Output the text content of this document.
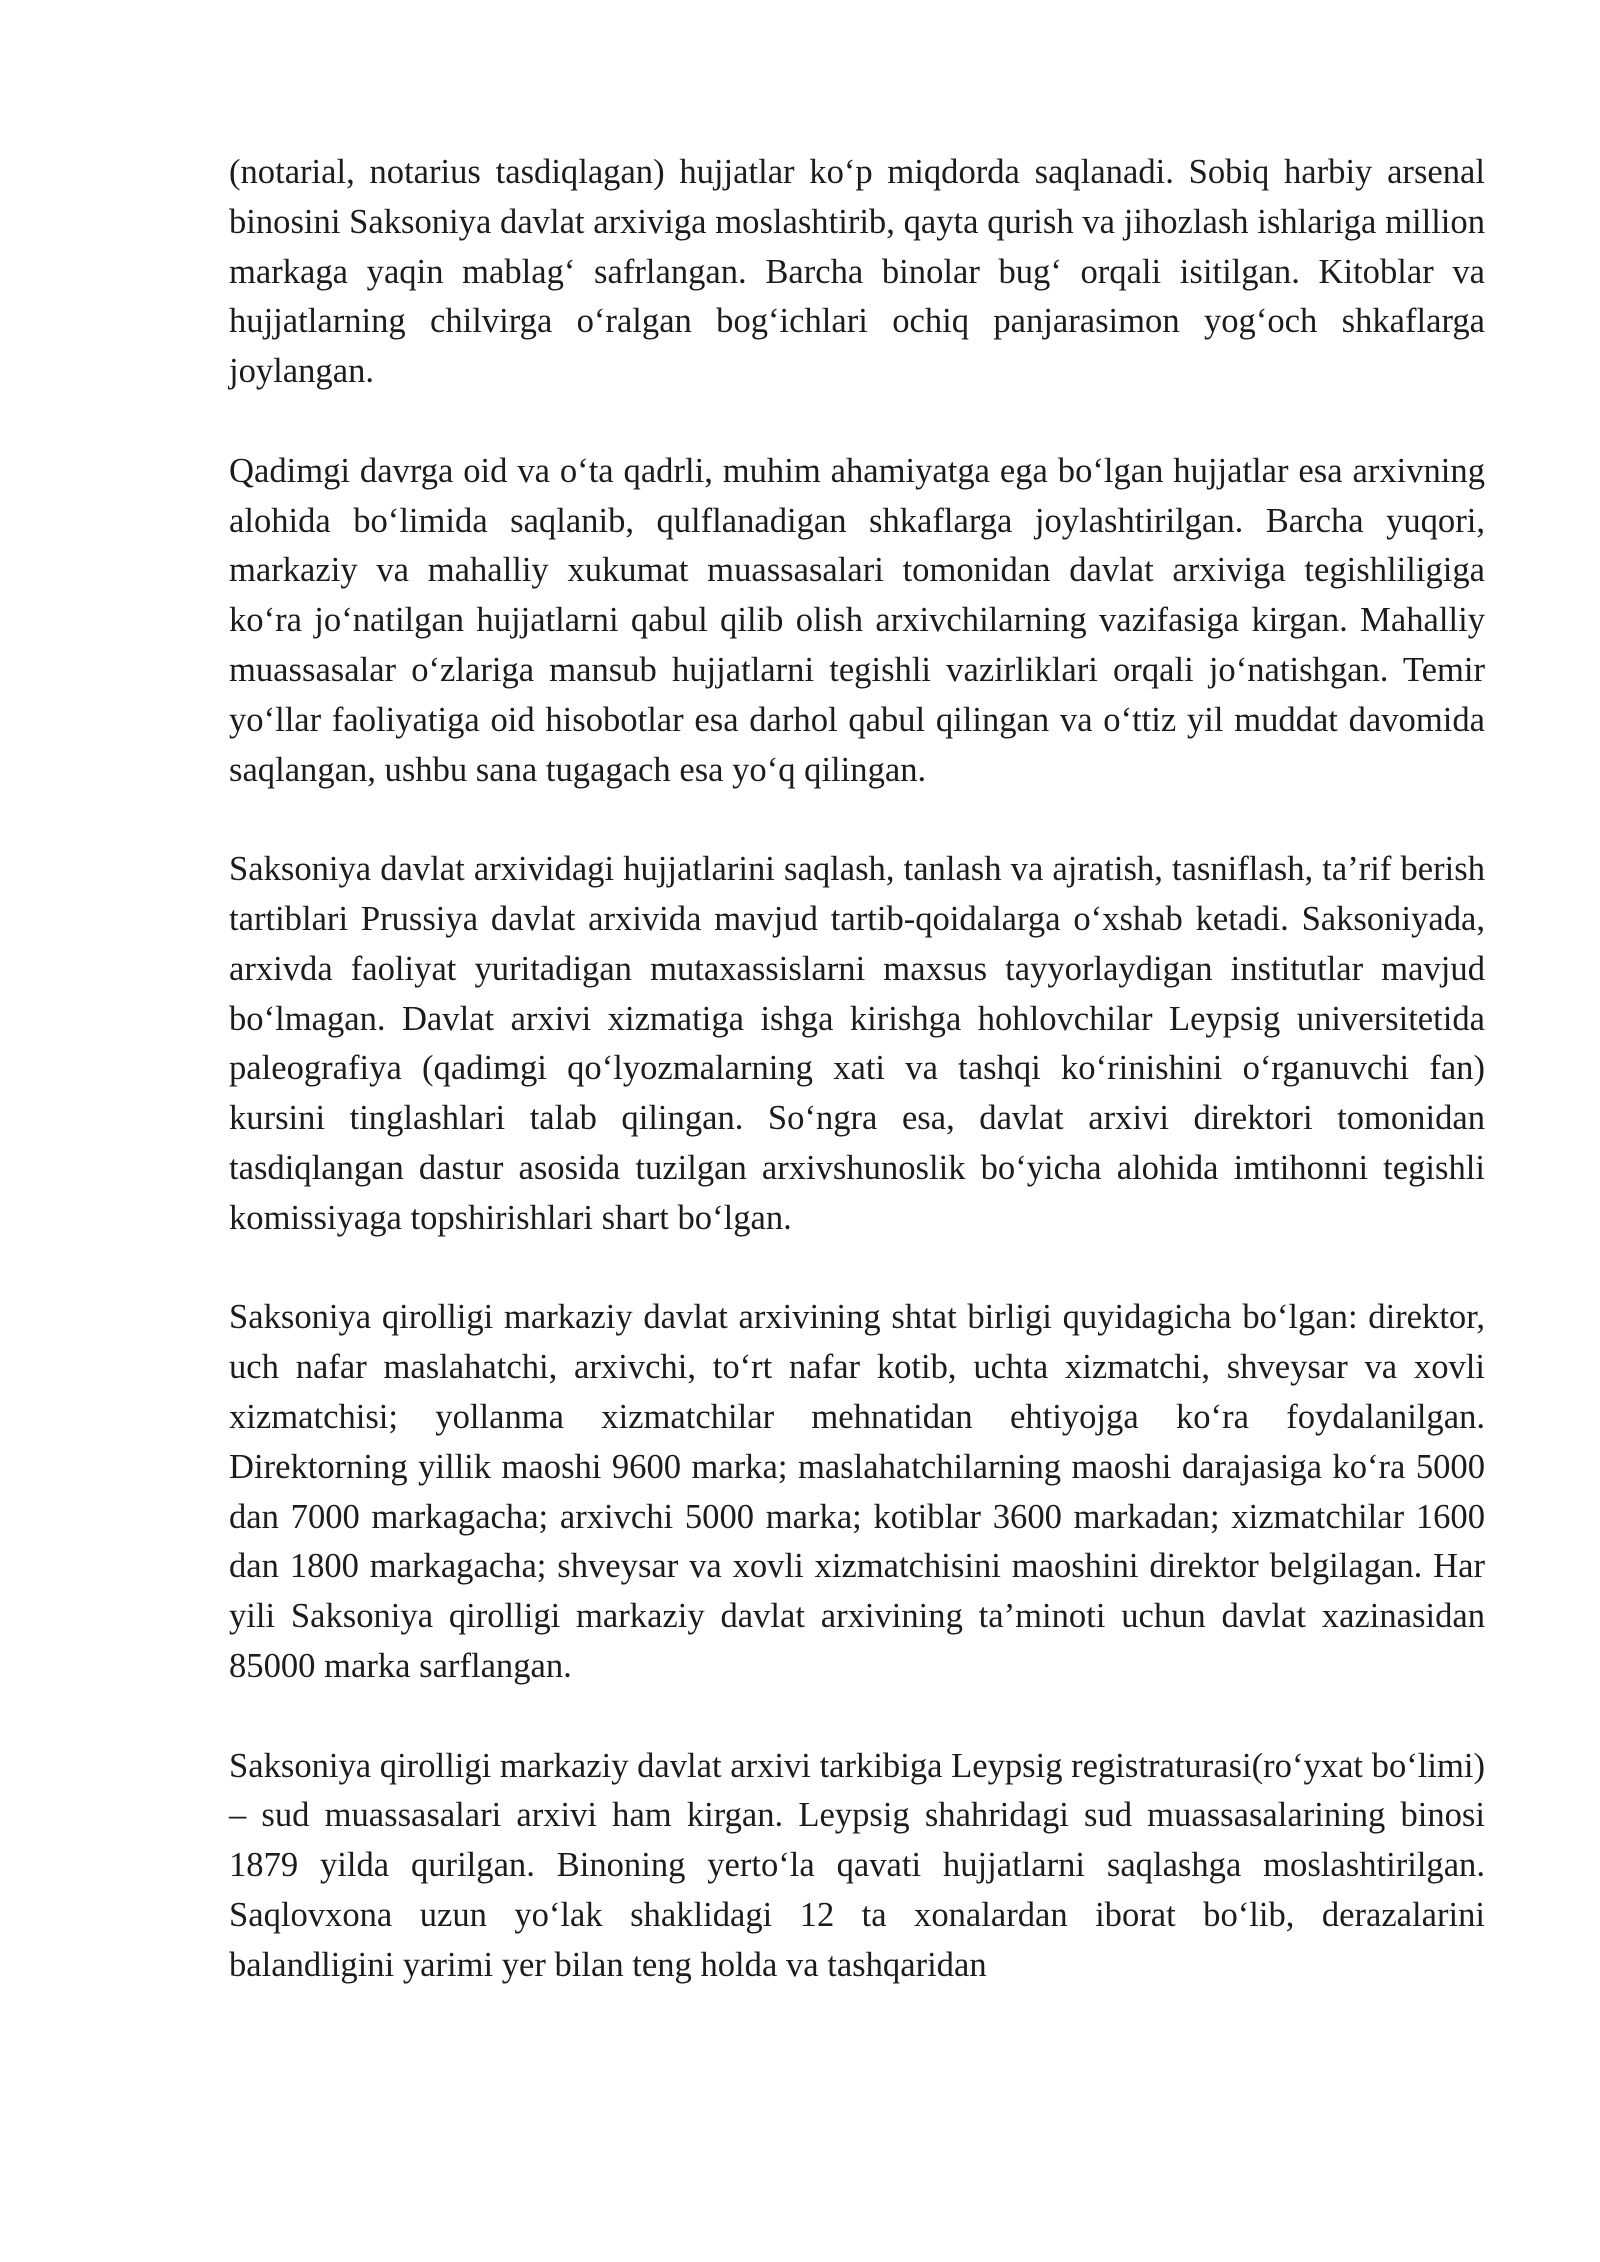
(notarial, notarius tasdiqlagan) hujjatlar ko‘p miqdorda saqlanadi. Sobiq harbiy arsenal binosini Saksoniya davlat arxiviga moslashtirib, qayta qurish va jihozlash ishlariga million markaga yaqin mablag‘ safrlangan. Barcha binolar bug‘ orqali isitilgan. Kitoblar va hujjatlarning chilvirga o‘ralgan bog‘ichlari ochiq panjarasimon yog‘och shkaflarga joylangan.

Qadimgi davrga oid va o‘ta qadrli, muhim ahamiyatga ega bo‘lgan hujjatlar esa arxivning alohida bo‘limida saqlanib, qulflanadigan shkaflarga joylashtirilgan. Barcha yuqori, markaziy va mahalliy xukumat muassasalari tomonidan davlat arxiviga tegishliligiga ko‘ra jo‘natilgan hujjatlarni qabul qilib olish arxivchilarning vazifasiga kirgan. Mahalliy muassasalar o‘zlariga mansub hujjatlarni tegishli vazirliklari orqali jo‘natishgan. Temir yo‘llar faoliyatiga oid hisobotlar esa darhol qabul qilingan va o‘ttiz yil muddat davomida saqlangan, ushbu sana tugagach esa yo‘q qilingan.

Saksoniya davlat arxividagi hujjatlarini saqlash, tanlash va ajratish, tasniflash, ta’rif berish tartiblari Prussiya davlat arxivida mavjud tartib-qoidalarga o‘xshab ketadi. Saksoniyada, arxivda faoliyat yuritadigan mutaxassislarni maxsus tayyorlaydigan institutlar mavjud bo‘lmagan. Davlat arxivi xizmatiga ishga kirishga hohlovchilar Leypsig universitetida paleografiya (qadimgi qo‘lyozmalarning xati va tashqi ko‘rinishini o‘rganuvchi fan) kursini tinglashlari talab qilingan. So‘ngra esa, davlat arxivi direktori tomonidan tasdiqlangan dastur asosida tuzilgan arxivshunoslik bo‘yicha alohida imtihonni tegishli komissiyaga topshirishlari shart bo‘lgan.

Saksoniya qirolligi markaziy davlat arxivining shtat birligi quyidagicha bo‘lgan: direktor, uch nafar maslahatchi, arxivchi, to‘rt nafar kotib, uchta xizmatchi, shveysar va xovli xizmatchisi; yollanma xizmatchilar mehnatidan ehtiyojga ko‘ra foydalanilgan. Direktorning yillik maoshi 9600 marka; maslahatchilarning maoshi darajasiga ko‘ra 5000 dan 7000 markagacha; arxivchi 5000 marka; kotiblar 3600 markadan; xizmatchilar 1600 dan 1800 markagacha; shveysar va xovli xizmatchisini maoshini direktor belgilagan. Har yili Saksoniya qirolligi markaziy davlat arxivining ta’minoti uchun davlat xazinasidan 85000 marka sarflangan.

Saksoniya qirolligi markaziy davlat arxivi tarkibiga Leypsig registraturasi(ro‘yxat bo‘limi) – sud muassasalari arxivi ham kirgan. Leypsig shahridagi sud muassasalarining binosi 1879 yilda qurilgan. Binoning yerto‘la qavati hujjatlarni saqlashga moslashtirilgan. Saqlovxona uzun yo‘lak shaklidagi 12 ta xonalardan iborat bo‘lib, derazalarini balandligini yarimi yer bilan teng holda va tashqaridan
